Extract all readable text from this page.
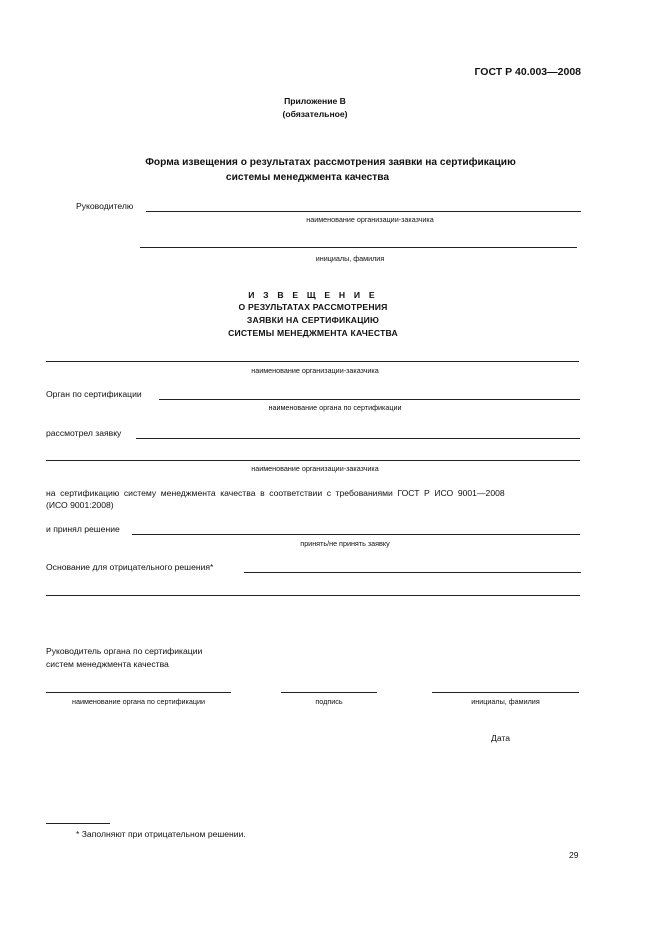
ГОСТ Р 40.003—2008
Приложение В
(обязательное)
Форма извещения о результатах рассмотрения заявки на сертификацию
системы менеджмента качества
Руководителю
наименование организации-заказчика
инициалы, фамилия
И З В Е Щ Е Н И Е
О РЕЗУЛЬТАТАХ РАССМОТРЕНИЯ
ЗАЯВКИ НА СЕРТИФИКАЦИЮ
СИСТЕМЫ МЕНЕДЖМЕНТА КАЧЕСТВА
наименование организации-заказчика
Орган по сертификации
наименование органа по сертификации
рассмотрел заявку
наименование организации-заказчика
на сертификацию систему менеджмента качества в соответствии с требованиями ГОСТ Р ИСО 9001—2008
(ИСО 9001:2008)
и принял решение
принять/не принять заявку
Основание для отрицательного решения*
Руководитель органа по сертификации
систем менеджмента качества
наименование органа по сертификации	подпись	инициалы, фамилия
Дата
* Заполняют при отрицательном решении.
29
